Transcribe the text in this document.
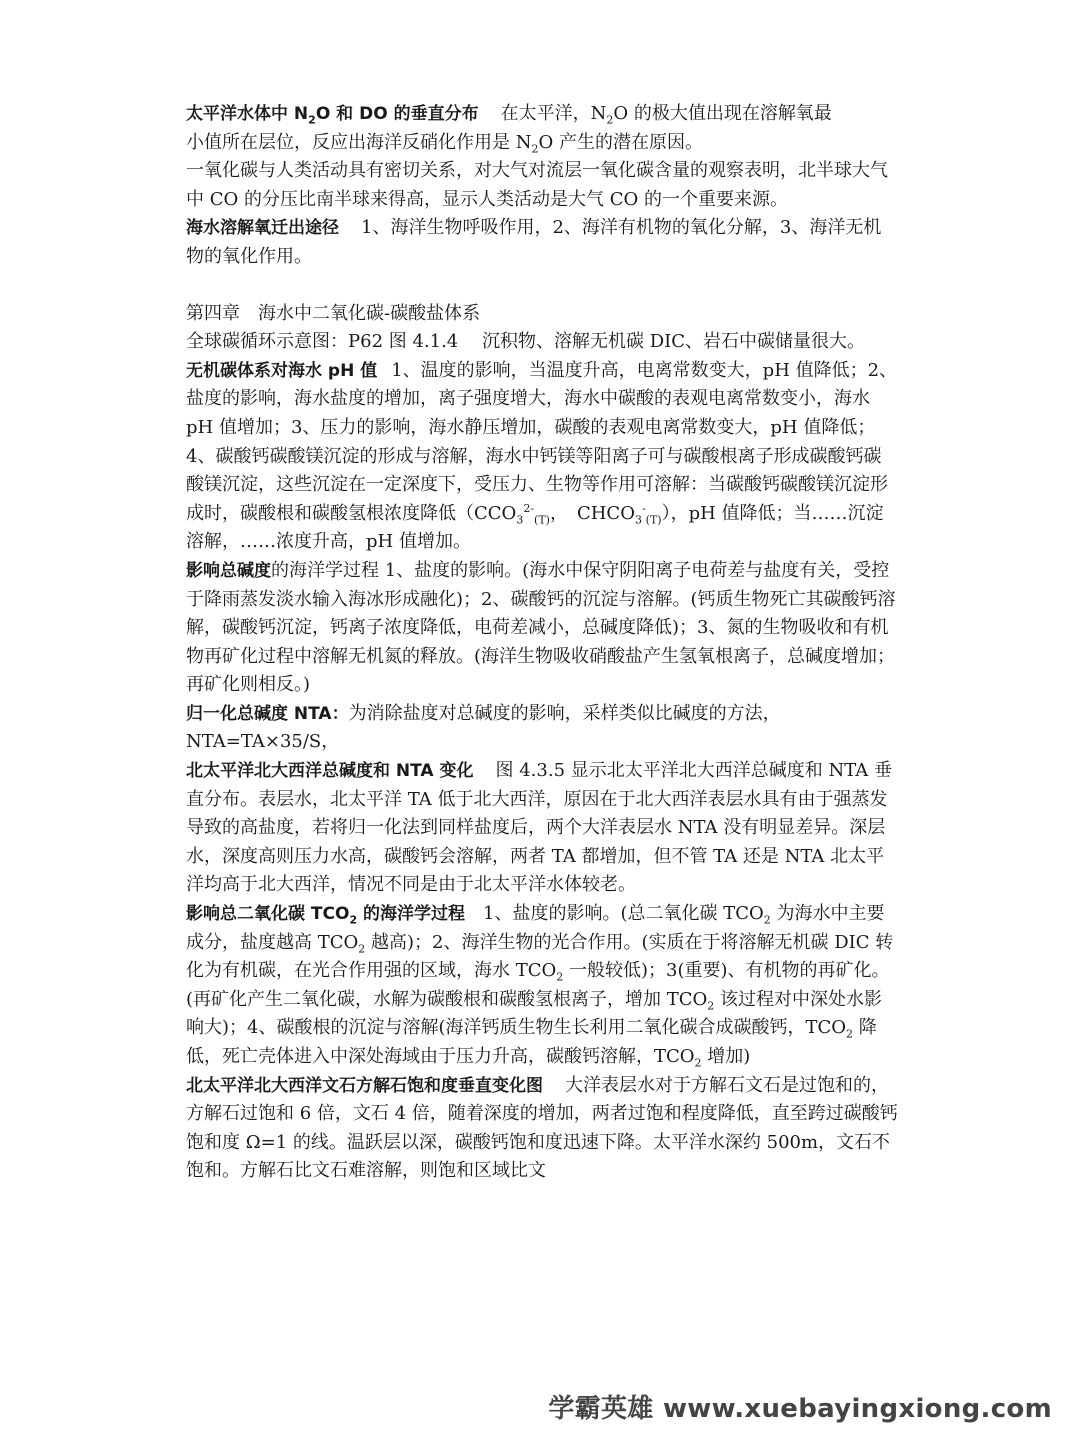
太平洋水体中 $N_2O$ 和 DO 的垂直分布 在太平洋，$N_2O$ 的极大值出现在溶解氧最

小值所在层位，反应出海洋反硝化作用是 $N_2O$ 产生的潜在原因。

一氧化碳与人类活动具有密切关系，对大气对流层一氧化碳含量的观察表明，北半球大气中 CO 的分压比南半球来得高，显示人类活动是大气 CO 的一个重要来源。

海水溶解氧迁出途径 1、海洋生物呼吸作用，2、海洋有机物的氧化分解，3、海洋无机物的氧化作用。

第四章　海水中二氧化碳-碳酸盐体系

全球碳循环示意图：P62 图 4.1.4　 沉积物、溶解无机碳 DIC、岩石中碳储量很大。

无机碳体系对海水 pH 值 1、温度的影响，当温度升高，电离常数变大，pH 值降低；2、盐度的影响，海水盐度的增加，离子强度增大，海水中碳酸的表观电离常数变小，海水 pH 值增加；3、压力的影响，海水静压增加，碳酸的表观电离常数变大，pH 值降低；4、碳酸钙碳酸镁沉淀的形成与溶解，海水中钙镁等阳离子可与碳酸根离子形成碳酸钙碳酸镁沉淀，这些沉淀在一定深度下，受压力、生物等作用可溶解：当碳酸钙碳酸镁沉淀形成时，碳酸根和碳酸氢根浓度降低（$CCO_3^{2-}_{(T)}$，　$CHCO_3^-_{(T)}$），pH 值降低；当……沉淀溶解，……浓度升高，pH 值增加。

影响总碱度的海洋学过程 1、盐度的影响。(海水中保守阴阳离子电荷差与盐度有关，受控于降雨蒸发淡水输入海冰形成融化)；2、碳酸钙的沉淀与溶解。(钙质生物死亡其碳酸钙溶解，碳酸钙沉淀，钙离子浓度降低，电荷差减小，总碱度降低)；3、氮的生物吸收和有机物再矿化过程中溶解无机氮的释放。(海洋生物吸收硝酸盐产生氢氧根离子，总碱度增加；再矿化则相反。)

归一化总碱度 NTA：为消除盐度对总碱度的影响，采样类似比碱度的方法，NTA=TA×35/S，

北太平洋北大西洋总碱度和 NTA 变化 图 4.3.5 显示北太平洋北大西洋总碱度和 NTA 垂直分布。表层水，北太平洋 TA 低于北大西洋，原因在于北大西洋表层水具有由于强蒸发导致的高盐度，若将归一化法到同样盐度后，两个大洋表层水 NTA 没有明显差异。深层水，深度高则压力水高，碳酸钙会溶解，两者 TA 都增加，但不管 TA 还是 NTA 北太平洋均高于北大西洋，情况不同是由于北太平洋水体较老。

影响总二氧化碳 $TCO_2$ 的海洋学过程 1、盐度的影响。(总二氧化碳 $TCO_2$ 为海水中主要成分，盐度越高 $TCO_2$ 越高)；2、海洋生物的光合作用。(实质在于将溶解无机碳 DIC 转化为有机碳，在光合作用强的区域，海水 $TCO_2$ 一般较低)；3(重要)、有机物的再矿化。(再矿化产生二氧化碳，水解为碳酸根和碳酸氢根离子，增加 $TCO_2$ 该过程对中深处水影响大)；4、碳酸根的沉淀与溶解(海洋钙质生物生长利用二氧化碳合成碳酸钙，$TCO_2$ 降低，死亡壳体进入中深处海域由于压力升高，碳酸钙溶解，$TCO_2$ 增加)

北太平洋北大西洋文石方解石饱和度垂直变化图 大洋表层水对于方解石文石是过饱和的，方解石过饱和 6 倍，文石 4 倍，随着深度的增加，两者过饱和程度降低，直至跨过碳酸钙饱和度 Ω=1 的线。温跃层以深，碳酸钙饱和度迅速下降。太平洋水深约 500m，文石不饱和。方解石比文石难溶解，则饱和区域比文

学霸英雄 www.xuebayingxiong.com
